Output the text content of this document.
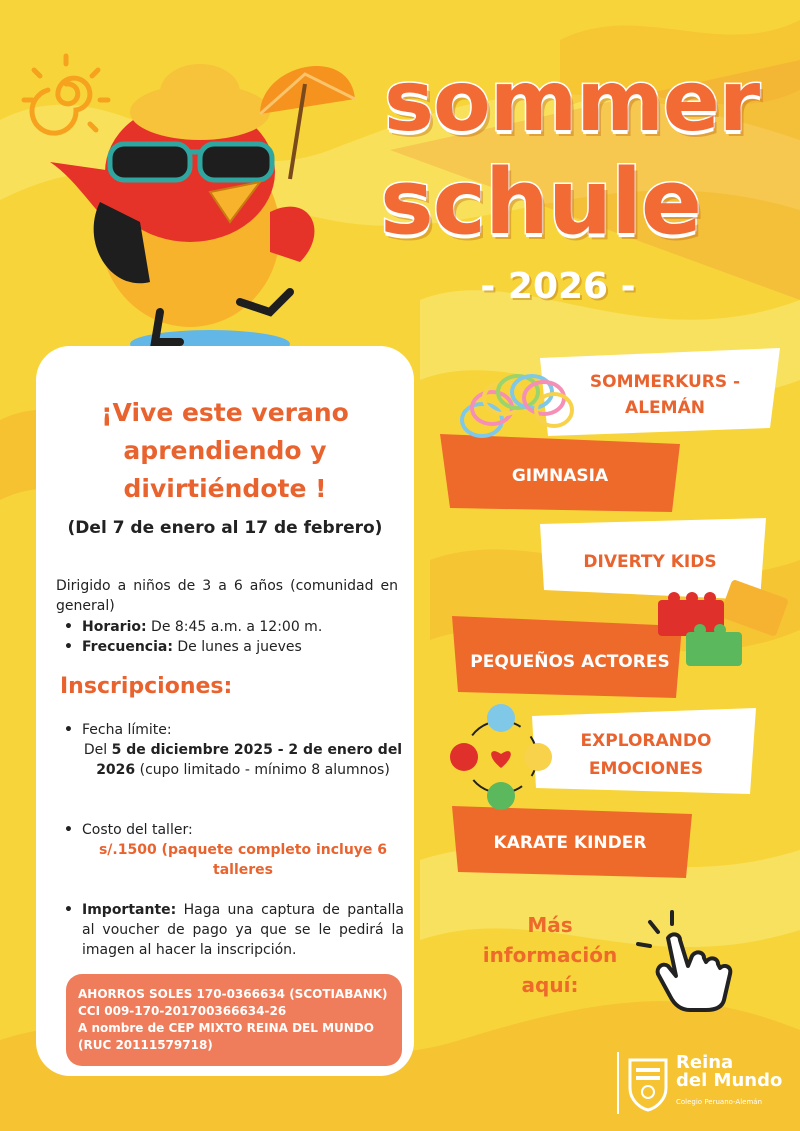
sommer
schule
- 2026 -
¡Vive este verano
aprendiendo y
divirtiéndote !
(Del 7 de enero al 17 de febrero)
Dirigido a niños de 3 a 6 años (comunidad en general)
• Horario: De 8:45 a.m. a 12:00 m.
• Frecuencia: De lunes a jueves
Inscripciones:
• Fecha límite:
Del 5 de diciembre 2025 - 2 de enero del 2026 (cupo limitado - mínimo 8 alumnos)
• Costo del taller:
s/.1500 (paquete completo incluye 6 talleres
• Importante: Haga una captura de pantalla al voucher de pago ya que se le pedirá la imagen al hacer la inscripción.
AHORROS SOLES 170-0366634 (SCOTIABANK)
CCI 009-170-201700366634-26
A nombre de CEP MIXTO REINA DEL MUNDO
(RUC 20111579718)
SOMMERKURS - ALEMÁN
GIMNASIA
DIVERTY KIDS
PEQUEÑOS ACTORES
EXPLORANDO EMOCIONES
KARATE KINDER
Más
información
aquí:
Reina
del Mundo
Colegio Peruano-Alemán
